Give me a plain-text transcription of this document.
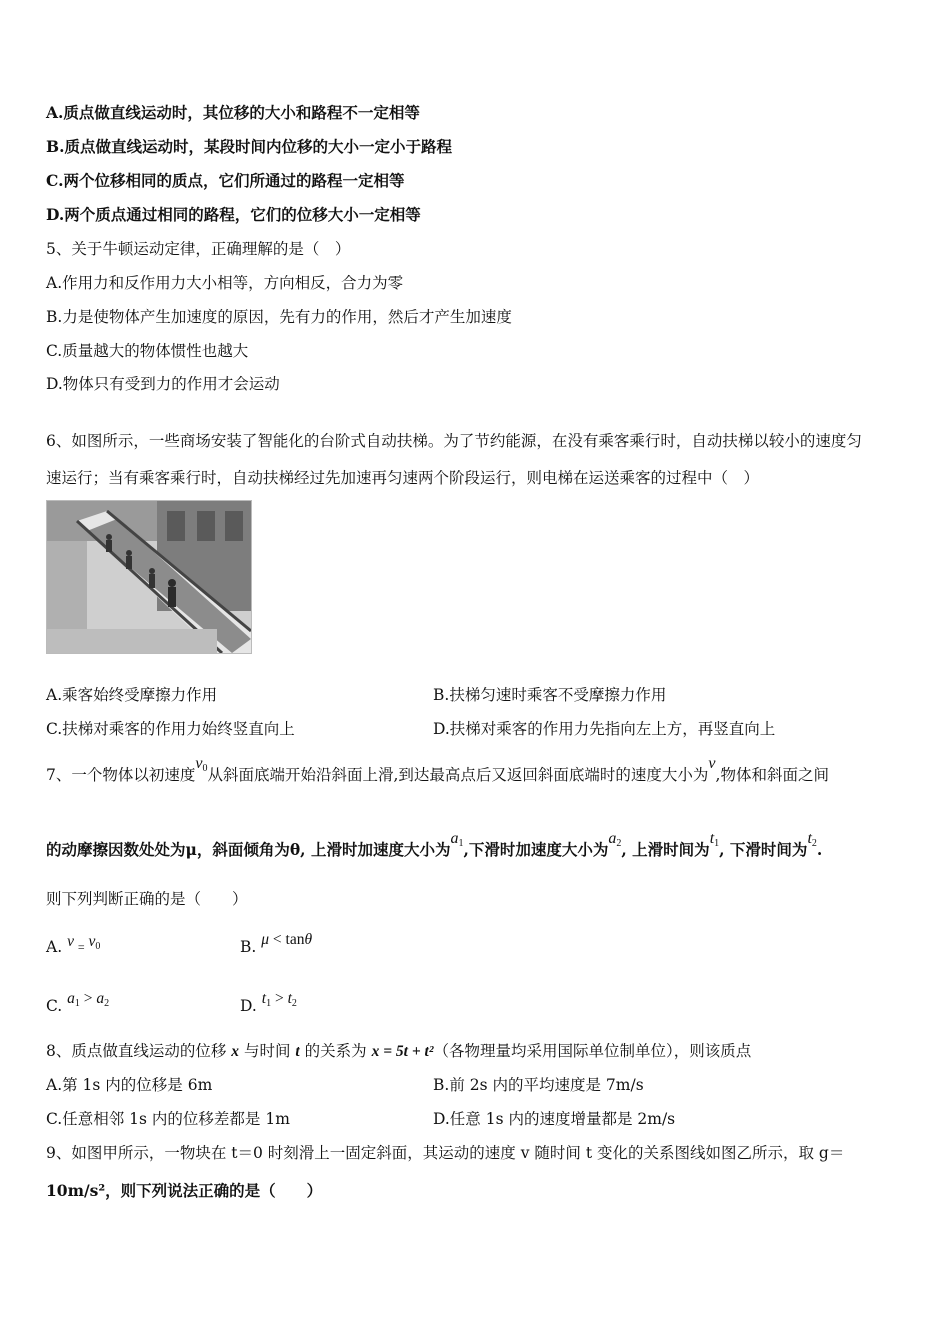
A.质点做直线运动时，其位移的大小和路程不一定相等
B.质点做直线运动时，某段时间内位移的大小一定小于路程
C.两个位移相同的质点，它们所通过的路程一定相等
D.两个质点通过相同的路程，它们的位移大小一定相等
5、关于牛顿运动定律，正确理解的是（　）
A.作用力和反作用力大小相等，方向相反，合力为零
B.力是使物体产生加速度的原因，先有力的作用，然后才产生加速度
C.质量越大的物体惯性也越大
D.物体只有受到力的作用才会运动
6、如图所示，一些商场安装了智能化的台阶式自动扶梯。为了节约能源，在没有乘客乘行时，自动扶梯以较小的速度匀
速运行；当有乘客乘行时，自动扶梯经过先加速再匀速两个阶段运行，则电梯在运送乘客的过程中（　）
A.乘客始终受摩擦力作用	B.扶梯匀速时乘客不受摩擦力作用
C.扶梯对乘客的作用力始终竖直向上	D.扶梯对乘客的作用力先指向左上方，再竖直向上
7、一个物体以初速度v0从斜面底端开始沿斜面上滑,到达最高点后又返回斜面底端时的速度大小为v,物体和斜面之间
的动摩擦因数处处为μ，斜面倾角为θ, 上滑时加速度大小为a1,下滑时加速度大小为a2, 上滑时间为t1, 下滑时间为t2.
则下列判断正确的是（　　）
A. v $_=$ v0	B. μ < tanθ
C. a1 > a2	D. t1 > t2
8、质点做直线运动的位移 x 与时间 t 的关系为 x = 5t + t²（各物理量均采用国际单位制单位），则该质点
A.第 1s 内的位移是 6m	B.前 2s 内的平均速度是 7m/s
C.任意相邻 1s 内的位移差都是 1m	D.任意 1s 内的速度增量都是 2m/s
9、如图甲所示，一物块在 t＝0 时刻滑上一固定斜面，其运动的速度 v 随时间 t 变化的关系图线如图乙所示，取 g＝
10m/s²，则下列说法正确的是（　　）
